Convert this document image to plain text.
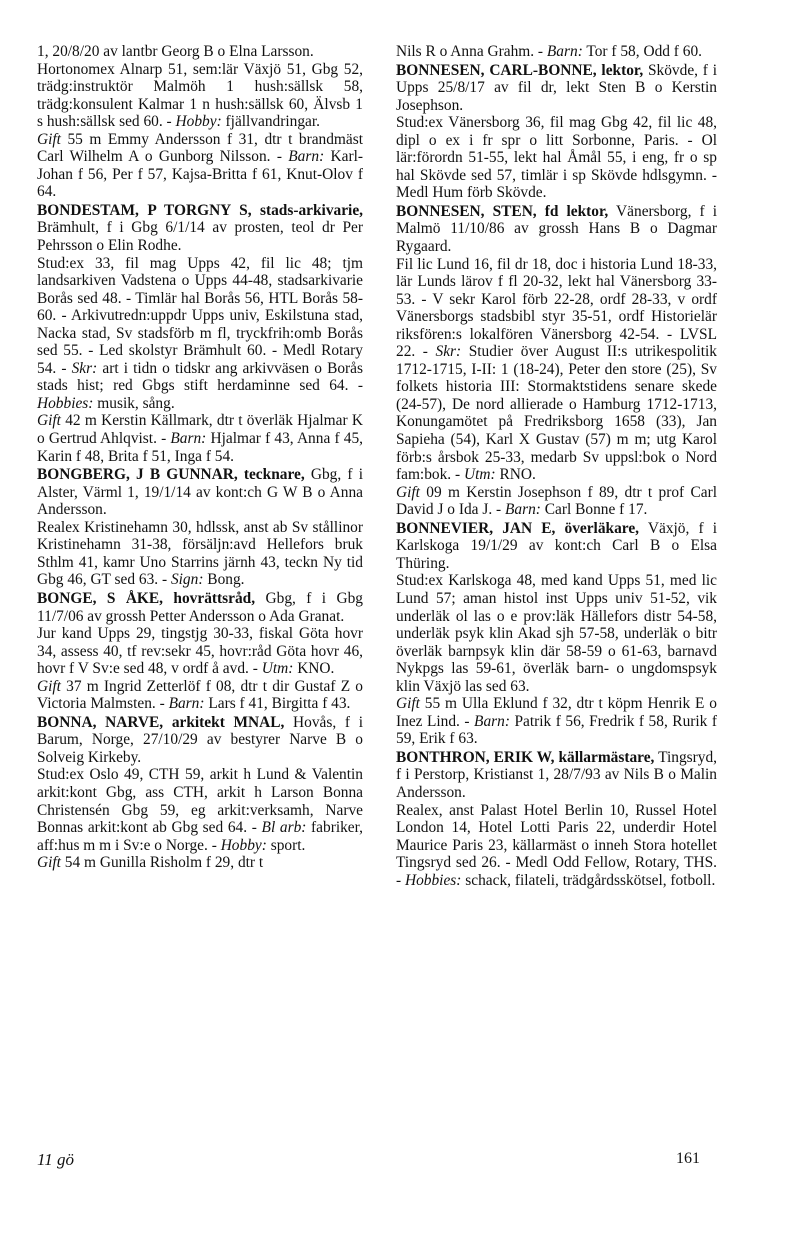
1, 20/8/20 av lantbr Georg B o Elna Larsson.

Hortonomex Alnarp 51, sem:lär Växjö 51, Gbg 52, trädg:instruktör Malmöh 1 hush:sällsk 58, trädg:konsulent Kalmar 1 n hush:sällsk 60, Älvsb 1 s hush:sällsk sed 60. - Hobby: fjällvandringar.

Gift 55 m Emmy Andersson f 31, dtr t brandmäst Carl Wilhelm A o Gunborg Nilsson. - Barn: Karl-Johan f 56, Per f 57, Kajsa-Britta f 61, Knut-Olov f 64.

BONDESTAM, P TORGNY S, stads-arkivarie, Brämhult, f i Gbg 6/1/14 av prosten, teol dr Per Pehrsson o Elin Rodhe.

Stud:ex 33, fil mag Upps 42, fil lic 48; tjm landsarkiven Vadstena o Upps 44-48, stadsarkivarie Borås sed 48. - Timlär hal Borås 56, HTL Borås 58-60. - Arkivutredn:uppdr Upps univ, Eskilstuna stad, Nacka stad, Sv stadsförb m fl, tryckfrih:omb Borås sed 55. - Led skolstyr Brämhult 60. - Medl Rotary 54. - Skr: art i tidn o tidskr ang arkivväsen o Borås stads hist; red Gbgs stift herdaminne sed 64. - Hobbies: musik, sång.

Gift 42 m Kerstin Källmark, dtr t överläk Hjalmar K o Gertrud Ahlqvist. - Barn: Hjalmar f 43, Anna f 45, Karin f 48, Brita f 51, Inga f 54.

BONGBERG, J B GUNNAR, tecknare, Gbg, f i Alster, Värml 1, 19/1/14 av kont:ch G W B o Anna Andersson.

Realex Kristinehamn 30, hdlssk, anst ab Sv stållinor Kristinehamn 31-38, försäljn:avd Hellefors bruk Sthlm 41, kamr Uno Starrins järnh 43, teckn Ny tid Gbg 46, GT sed 63. - Sign: Bong.

BONGE, S ÅKE, hovrättsråd, Gbg, f i Gbg 11/7/06 av grossh Petter Andersson o Ada Granat.

Jur kand Upps 29, tingstjg 30-33, fiskal Göta hovr 34, assess 40, tf rev:sekr 45, hovr:råd Göta hovr 46, hovr f V Sv:e sed 48, v ordf å avd. - Utm: KNO.

Gift 37 m Ingrid Zetterlöf f 08, dtr t dir Gustaf Z o Victoria Malmsten. - Barn: Lars f 41, Birgitta f 43.

BONNA, NARVE, arkitekt MNAL, Hovås, f i Barum, Norge, 27/10/29 av bestyrer Narve B o Solveig Kirkeby.

Stud:ex Oslo 49, CTH 59, arkit h Lund & Valentin arkit:kont Gbg, ass CTH, arkit h Larson Bonna Christensén Gbg 59, eg arkit:verksamh, Narve Bonnas arkit:kont ab Gbg sed 64. - Bl arb: fabriker, aff:hus m m i Sv:e o Norge. - Hobby: sport.

Gift 54 m Gunilla Risholm f 29, dtr t

Nils R o Anna Grahm. - Barn: Tor f 58, Odd f 60.

BONNESEN, CARL-BONNE, lektor, Skövde, f i Upps 25/8/17 av fil dr, lekt Sten B o Kerstin Josephson.

Stud:ex Vänersborg 36, fil mag Gbg 42, fil lic 48, dipl o ex i fr spr o litt Sorbonne, Paris. - Ol lär:förordn 51-55, lekt hal Åmål 55, i eng, fr o sp hal Skövde sed 57, timlär i sp Skövde hdlsgymn. - Medl Hum förb Skövde.

BONNESEN, STEN, fd lektor, Vänersborg, f i Malmö 11/10/86 av grossh Hans B o Dagmar Rygaard.

Fil lic Lund 16, fil dr 18, doc i historia Lund 18-33, lär Lunds lärov f fl 20-32, lekt hal Vänersborg 33-53. - V sekr Karol förb 22-28, ordf 28-33, v ordf Vänersborgs stadsbibl styr 35-51, ordf Historielär riksfören:s lokalfören Vänersborg 42-54. - LVSL 22. - Skr: Studier över August II:s utrikespolitik 1712-1715, I-II: 1 (18-24), Peter den store (25), Sv folkets historia III: Stormaktstidens senare skede (24-57), De nord allierade o Hamburg 1712-1713, Konungamötet på Fredriksborg 1658 (33), Jan Sapieha (54), Karl X Gustav (57) m m; utg Karol förb:s årsbok 25-33, medarb Sv uppsl:bok o Nord fam:bok. - Utm: RNO.

Gift 09 m Kerstin Josephson f 89, dtr t prof Carl David J o Ida J. - Barn: Carl Bonne f 17.

BONNEVIER, JAN E, överläkare, Växjö, f i Karlskoga 19/1/29 av kont:ch Carl B o Elsa Thüring.

Stud:ex Karlskoga 48, med kand Upps 51, med lic Lund 57; aman histol inst Upps univ 51-52, vik underläk ol las o e prov:läk Hällefors distr 54-58, underläk psyk klin Akad sjh 57-58, underläk o bitr överläk barnpsyk klin där 58-59 o 61-63, barnavd Nykpgs las 59-61, överläk barn- o ungdomspsyk klin Växjö las sed 63.

Gift 55 m Ulla Eklund f 32, dtr t köpm Henrik E o Inez Lind. - Barn: Patrik f 56, Fredrik f 58, Rurik f 59, Erik f 63.

BONTHRON, ERIK W, källarmästare, Tingsryd, f i Perstorp, Kristianst 1, 28/7/93 av Nils B o Malin Andersson.

Realex, anst Palast Hotel Berlin 10, Russel Hotel London 14, Hotel Lotti Paris 22, underdir Hotel Maurice Paris 23, källarmäst o inneh Stora hotellet Tingsryd sed 26. - Medl Odd Fellow, Rotary, THS. - Hobbies: schack, filateli, trädgårdsskötsel, fotboll.

11 gö	161
